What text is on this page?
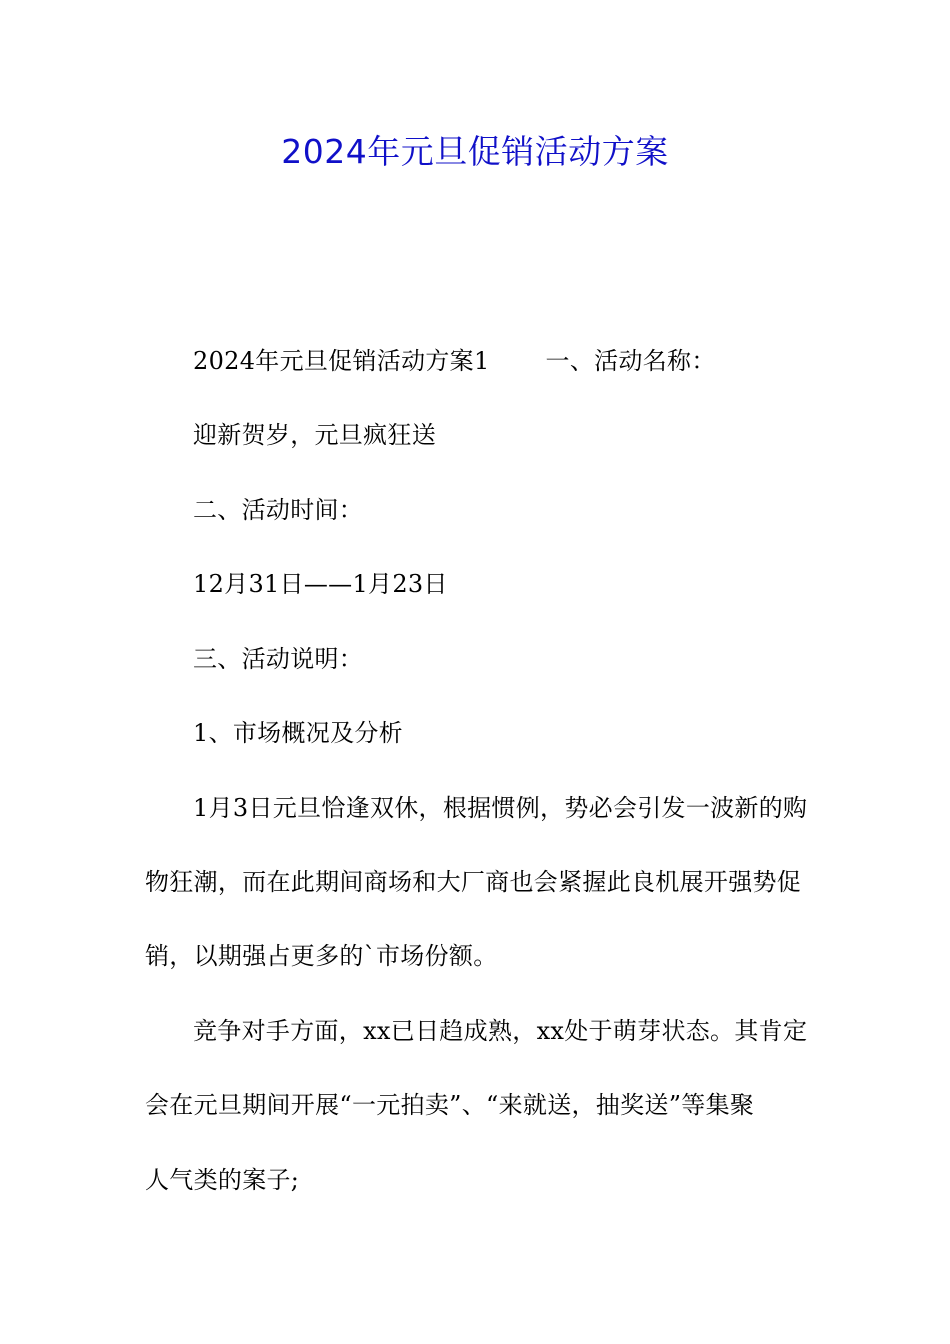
2024年元旦促销活动方案

2024年元旦促销活动方案1 一、活动名称：

迎新贺岁，元旦疯狂送

二、活动时间：

12月31日——1月23日

三、活动说明：

1、市场概况及分析

1月3日元旦恰逢双休，根据惯例，势必会引发一波新的购

物狂潮，而在此期间商场和大厂商也会紧握此良机展开强势促

销，以期强占更多的`市场份额。

竞争对手方面，xx已日趋成熟，xx处于萌芽状态。其肯定

会在元旦期间开展“一元拍卖”、“来就送，抽奖送”等集聚

人气类的案子;
